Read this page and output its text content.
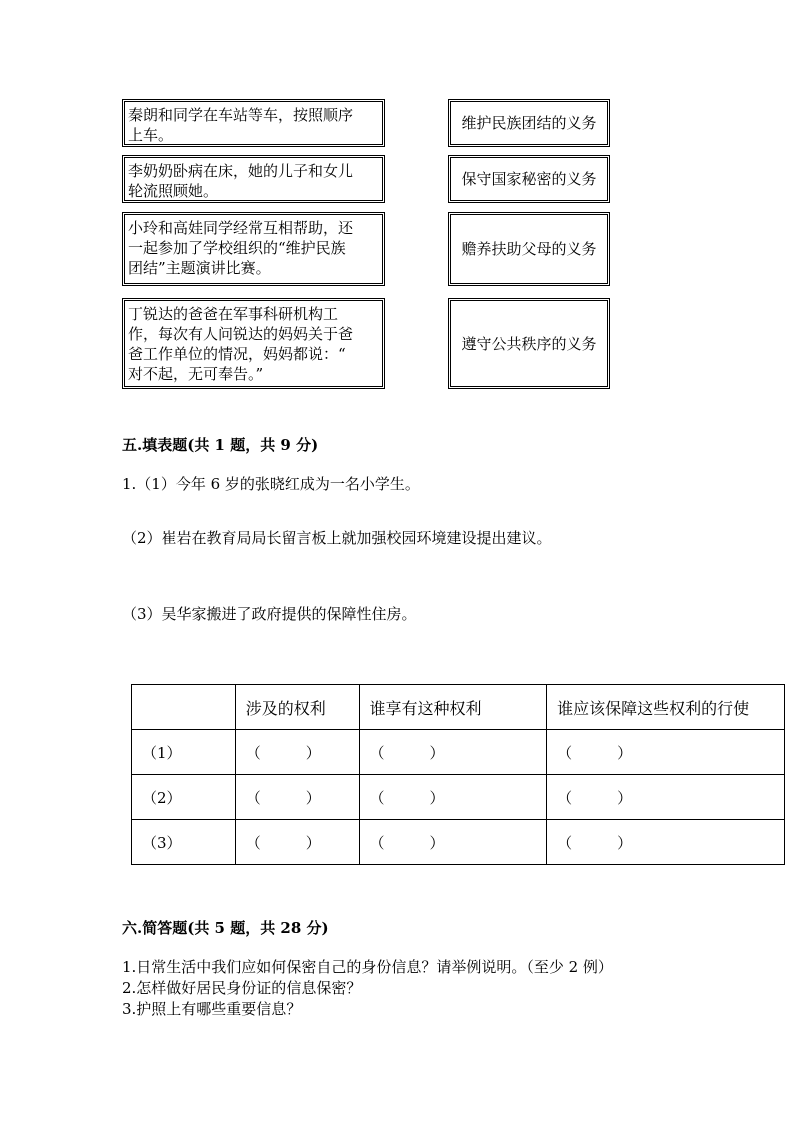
秦朗和同学在车站等车，按照顺序
上车。
李奶奶卧病在床，她的儿子和女儿
轮流照顾她。
小玲和高娃同学经常互相帮助，还
一起参加了学校组织的“维护民族
团结”主题演讲比赛。
丁锐达的爸爸在军事科研机构工
作，每次有人问锐达的妈妈关于爸
爸工作单位的情况，妈妈都说：“
对不起，无可奉告。”
维护民族团结的义务
保守国家秘密的义务
赡养扶助父母的义务
遵守公共秩序的义务
五.填表题(共 1 题，共 9 分)
1.（1）今年 6 岁的张晓红成为一名小学生。
（2）崔岩在教育局局长留言板上就加强校园环境建设提出建议。
（3）吴华家搬进了政府提供的保障性住房。
	涉及的权利	谁享有这种权利	谁应该保障这些权利的行使
（1）	（　　　）	（　　　）	（　　　）
（2）	（　　　）	（　　　）	（　　　）
（3）	（　　　）	（　　　）	（　　　）
六.简答题(共 5 题，共 28 分)
1.日常生活中我们应如何保密自己的身份信息？请举例说明。（至少 2 例）
2.怎样做好居民身份证的信息保密？
3.护照上有哪些重要信息？
